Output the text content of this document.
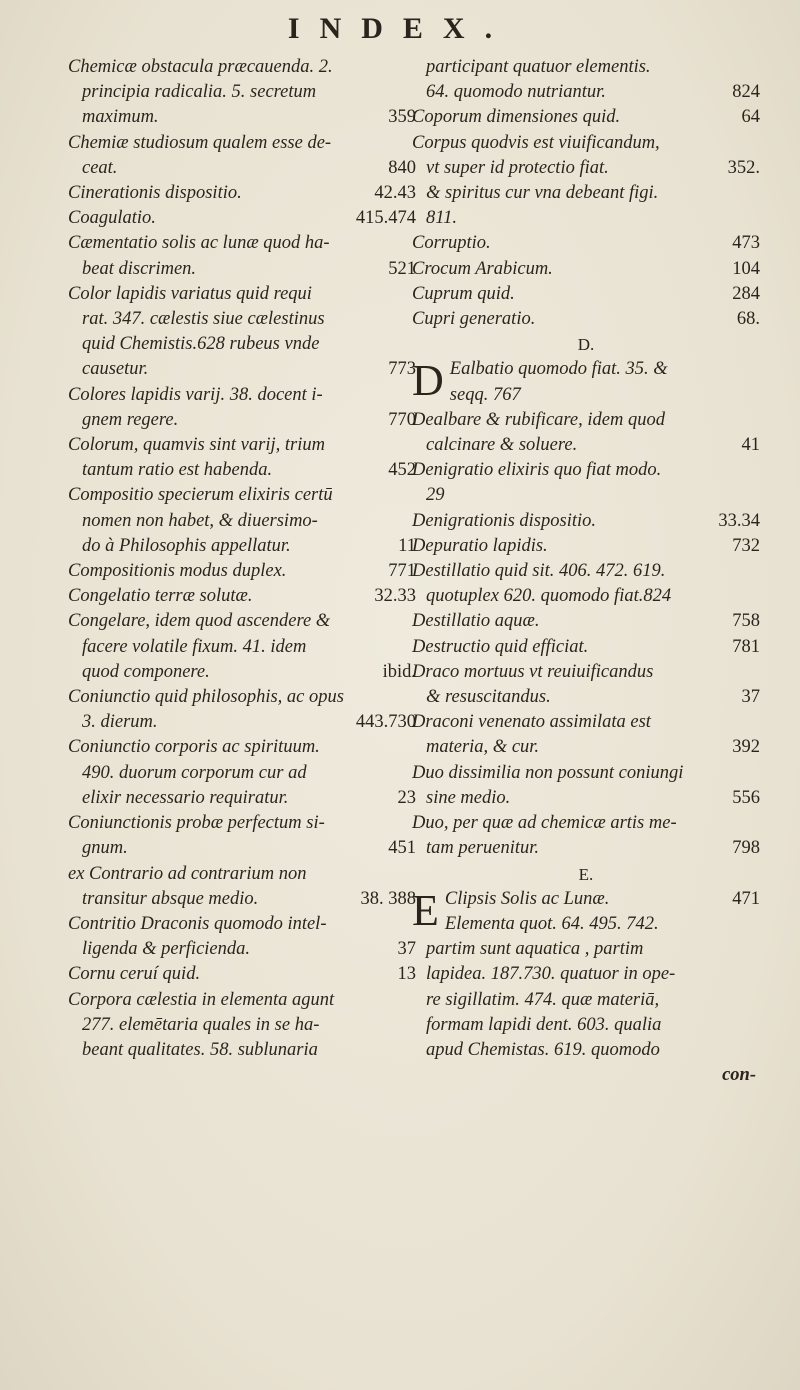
INDEX.
Chemicæ obstacula præcauenda. 2.
principia radicalia. 5. secretum
359
maximum.
Chemiæ studiosum qualem esse de-
840
ceat.
42.43
Cinerationis dispositio.
415.474
Coagulatio.
Cæmentatio solis ac lunæ quod ha-
521
beat discrimen.
Color lapidis variatus quid requi
rat. 347. cælestis siue cælestinus
quid Chemistis.628 rubeus vnde
773
causetur.
Colores lapidis varij. 38. docent i-
770
gnem regere.
Colorum, quamvis sint varij, trium
452
tantum ratio est habenda.
Compositio specierum elixiris certū
nomen non habet, & diuersimo-
11
do à Philosophis appellatur.
771
Compositionis modus duplex.
32.33
Congelatio terræ solutæ.
Congelare, idem quod ascendere &
facere volatile fixum. 41. idem
ibid.
quod componere.
Coniunctio quid philosophis, ac opus
443.730
3. dierum.
Coniunctio corporis ac spirituum.
490. duorum corporum cur ad
23
elixir necessario requiratur.
Coniunctionis probæ perfectum si-
451
gnum.
ex Contrario ad contrarium non
38. 388
transitur absque medio.
Contritio Draconis quomodo intel-
37
ligenda & perficienda.
13
Cornu ceruí quid.
Corpora cælestia in elementa agunt
277. elemētaria quales in se ha-
beant qualitates. 58. sublunaria
participant quatuor elementis.
824
64. quomodo nutriantur.
64
Coporum dimensiones quid.
Corpus quodvis est viuificandum,
352.
vt super id protectio fiat.
& spiritus cur vna debeant figi.
811.
473
Corruptio.
104
Crocum Arabicum.
284
Cuprum quid.
68.
Cupri generatio.
D.
D Ealbatio quomodo fiat. 35. &
seqq. 767
Dealbare & rubificare, idem quod
41
calcinare & soluere.
Denigratio elixiris quo fiat modo.
29
33.34
Denigrationis dispositio.
732
Depuratio lapidis.
Destillatio quid sit. 406. 472. 619.
quotuplex 620. quomodo fiat.824
758
Destillatio aquæ.
781
Destructio quid efficiat.
Draco mortuus vt reuiuificandus
37
& resuscitandus.
Draconi venenato assimilata est
392
materia, & cur.
Duo dissimilia non possunt coniungi
556
sine medio.
Duo, per quæ ad chemicæ artis me-
798
tam peruenitur.
E.
E	471
Clipsis Solis ac Lunæ.
Elementa quot. 64. 495. 742.
partim sunt aquatica , partim
lapidea. 187.730. quatuor in ope-
re sigillatim. 474. quæ materiā,
formam lapidi dent. 603. qualia
apud Chemistas. 619. quomodo
con-
